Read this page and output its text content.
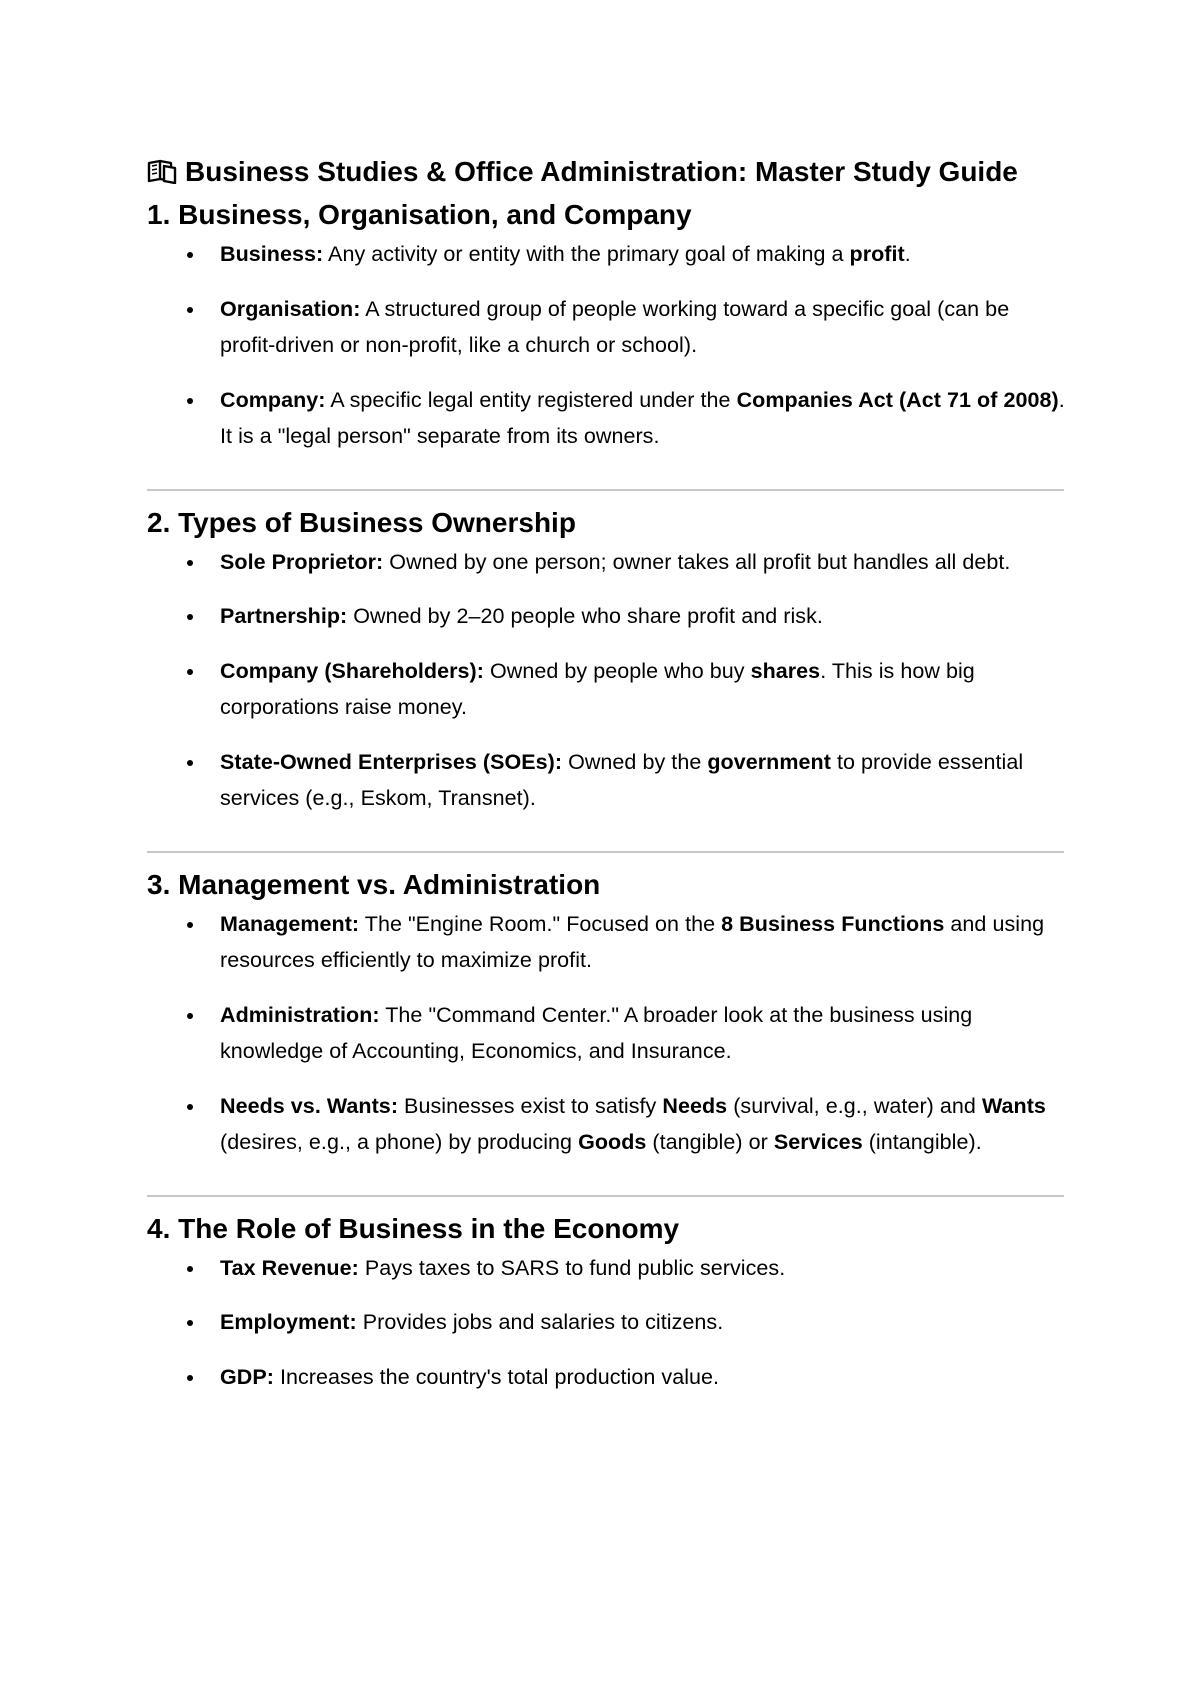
Business Studies & Office Administration: Master Study Guide
1. Business, Organisation, and Company
Business: Any activity or entity with the primary goal of making a profit.
Organisation: A structured group of people working toward a specific goal (can be profit-driven or non-profit, like a church or school).
Company: A specific legal entity registered under the Companies Act (Act 71 of 2008). It is a "legal person" separate from its owners.
2. Types of Business Ownership
Sole Proprietor: Owned by one person; owner takes all profit but handles all debt.
Partnership: Owned by 2–20 people who share profit and risk.
Company (Shareholders): Owned by people who buy shares. This is how big corporations raise money.
State-Owned Enterprises (SOEs): Owned by the government to provide essential services (e.g., Eskom, Transnet).
3. Management vs. Administration
Management: The "Engine Room." Focused on the 8 Business Functions and using resources efficiently to maximize profit.
Administration: The "Command Center." A broader look at the business using knowledge of Accounting, Economics, and Insurance.
Needs vs. Wants: Businesses exist to satisfy Needs (survival, e.g., water) and Wants (desires, e.g., a phone) by producing Goods (tangible) or Services (intangible).
4. The Role of Business in the Economy
Tax Revenue: Pays taxes to SARS to fund public services.
Employment: Provides jobs and salaries to citizens.
GDP: Increases the country's total production value.
